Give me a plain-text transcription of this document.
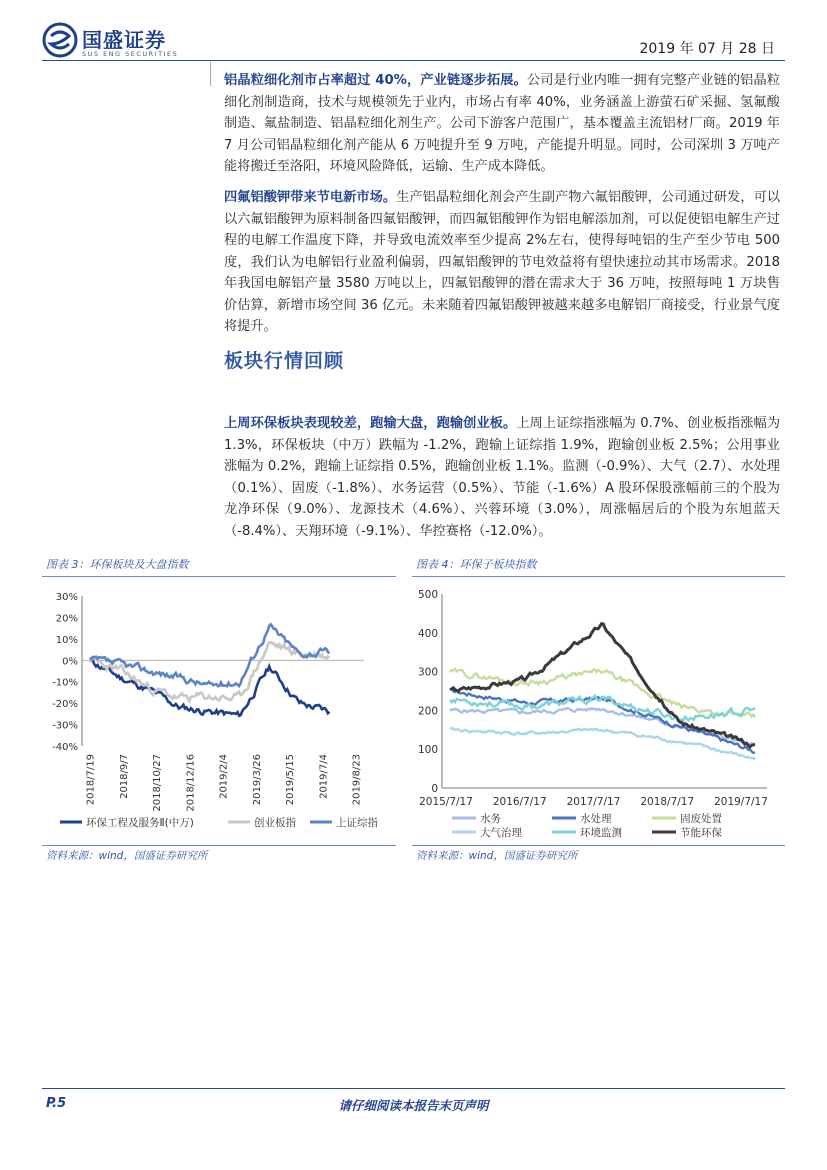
国盛证券
SUS ENG SECURITIES	2019 年 07 月 28 日
铝晶粒细化剂市占率超过 40%，产业链逐步拓展。公司是行业内唯一拥有完整产业链的铝晶粒细化剂制造商，技术与规模领先于业内，市场占有率 40%，业务涵盖上游萤石矿采掘、氢氟酸制造、氟盐制造、铝晶粒细化剂生产。公司下游客户范围广，基本覆盖主流铝材厂商。2019 年 7 月公司铝晶粒细化剂产能从 6 万吨提升至 9 万吨，产能提升明显。同时，公司深圳 3 万吨产能将搬迁至洛阳，环境风险降低，运输、生产成本降低。
四氟铝酸钾带来节电新市场。生产铝晶粒细化剂会产生副产物六氟铝酸钾，公司通过研发，可以以六氟铝酸钾为原料制备四氟铝酸钾，而四氟铝酸钾作为铝电解添加剂，可以促使铝电解生产过程的电解工作温度下降，并导致电流效率至少提高 2%左右，使得每吨铝的生产至少节电 500 度，我们认为电解铝行业盈利偏弱，四氟铝酸钾的节电效益将有望快速拉动其市场需求。2018 年我国电解铝产量 3580 万吨以上，四氟铝酸钾的潜在需求大于 36 万吨，按照每吨 1 万块售价估算，新增市场空间 36 亿元。未来随着四氟铝酸钾被越来越多电解铝厂商接受，行业景气度将提升。
板块行情回顾
上周环保板块表现较差，跑输大盘，跑输创业板。上周上证综指涨幅为 0.7%、创业板指涨幅为 1.3%，环保板块（中万）跌幅为 -1.2%，跑输上证综指 1.9%，跑输创业板 2.5%；公用事业涨幅为 0.2%，跑输上证综指 0.5%，跑输创业板 1.1%。监测（-0.9%）、大气（2.7）、水处理（0.1%）、固废（-1.8%）、水务运营（0.5%）、节能（-1.6%）A 股环保股涨幅前三的个股为龙净环保（9.0%）、龙源技术（4.6%）、兴蓉环境（3.0%），周涨幅居后的个股为东旭蓝天（-8.4%）、天翔环境（-9.1%）、华控赛格（-12.0%）。
图表 3：环保板块及大盘指数
30%
20%
10%
0%
-10%
-20%
-30%
-40%
2018/7/19 2018/9/7 2018/10/27 2018/12/16 2019/2/4 2019/3/26 2019/5/15 2019/7/4 2019/8/23
环保工程及服务Ⅱ(中万)	创业板指	上证综指
资料来源：wind，国盛证券研究所
图表 4：环保子板块指数
500
400
300
200
100
0
2015/7/17 2016/7/17 2017/7/17 2018/7/17 2019/7/17
水务	水处理	固废处置
大气治理	环境监测	节能环保
资料来源：wind，国盛证券研究所
P.5	请仔细阅读本报告末页声明
